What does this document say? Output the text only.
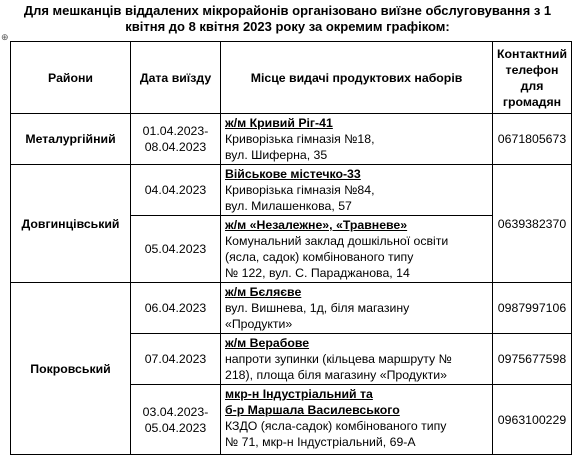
Для мешканців віддалених мікрорайонів організовано виїзне обслуговування з 1
квітня до 8 квітня 2023 року за окремим графіком:
⊕
Райони	Дата виїзду	Місце видачі продуктових наборів	Контактний телефон для громадян
Металургійний	01.04.2023-08.04.2023	ж/м Кривий Ріг-41
Криворізька гімназія №18,
вул. Шиферна, 35	0671805673
Довгинцівський	04.04.2023	Військове містечко-33
Криворізька гімназія №84,
вул. Милашенкова, 57	0639382370
	05.04.2023	ж/м «Незалежне», «Травневе»
Комунальний заклад дошкільної освіти
(ясла, садок) комбінованого типу
№ 122, вул. С. Параджанова, 14	

Покровський	06.04.2023	ж/м Бєляєве
вул. Вишнева, 1д, біля магазину
«Продукти»	0987997106
	07.04.2023	ж/м Верабове
напроти зупинки (кільцева маршруту №
218), площа біля магазину «Продукти»	0975677598
	03.04.2023-05.04.2023	мкр-н Індустріальний та
б-р Маршала Василевського
КЗДО (ясла-садок) комбінованого типу
№ 71, мкр-н Індустріальний, 69-А	0963100229
